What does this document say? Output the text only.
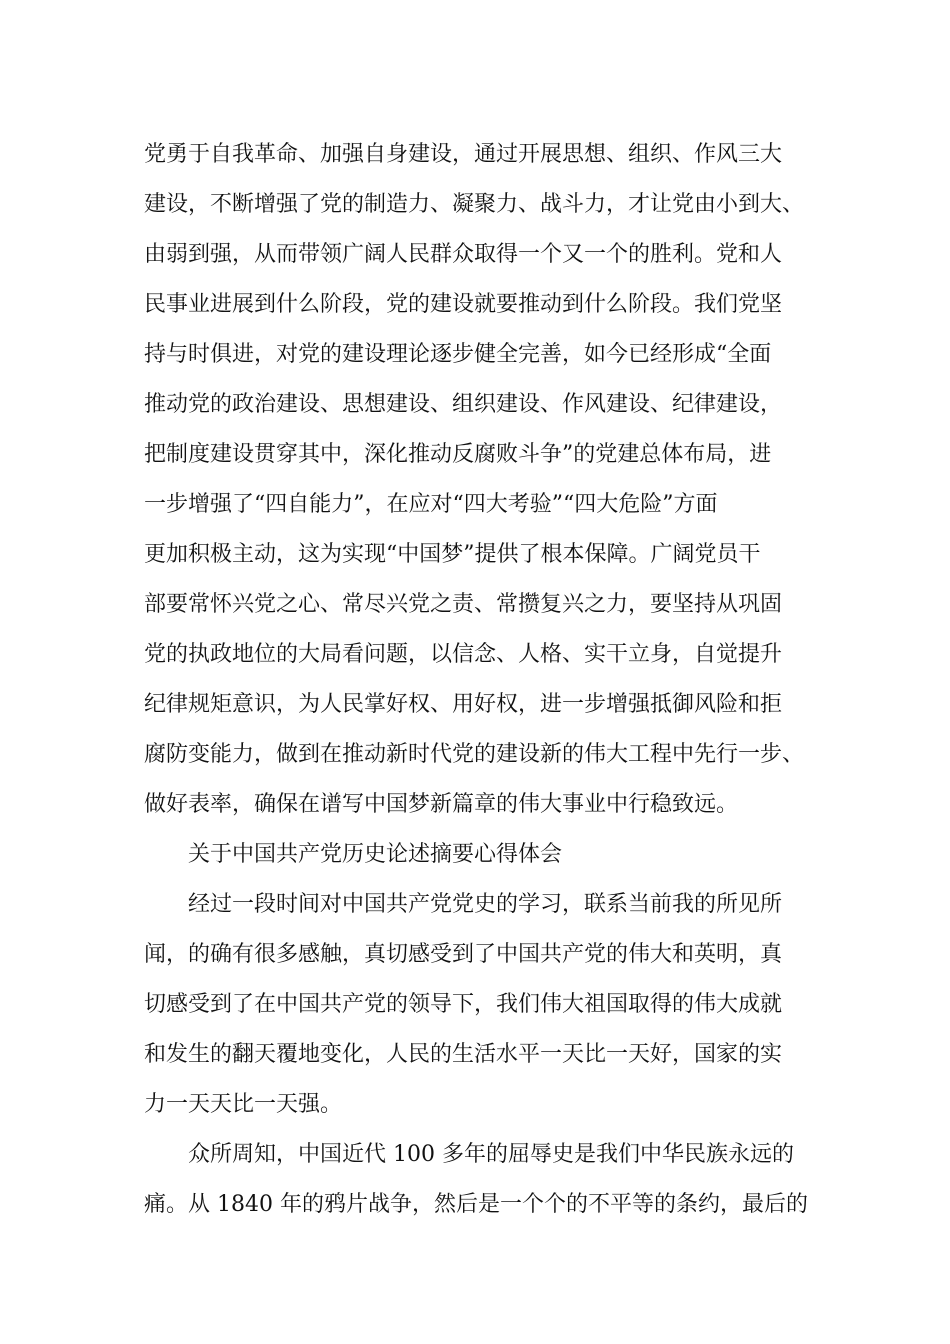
党勇于自我革命、加强自身建设，通过开展思想、组织、作风三大
建设，不断增强了党的制造力、凝聚力、战斗力，才让党由小到大、
由弱到强，从而带领广阔人民群众取得一个又一个的胜利。党和人
民事业进展到什么阶段，党的建设就要推动到什么阶段。我们党坚
持与时俱进，对党的建设理论逐步健全完善，如今已经形成“全面
推动党的政治建设、思想建设、组织建设、作风建设、纪律建设，
把制度建设贯穿其中，深化推动反腐败斗争”的党建总体布局，进
一步增强了“四自能力”，在应对“四大考验”“四大危险”方面
更加积极主动，这为实现“中国梦”提供了根本保障。广阔党员干
部要常怀兴党之心、常尽兴党之责、常攒复兴之力，要坚持从巩固
党的执政地位的大局看问题，以信念、人格、实干立身，自觉提升
纪律规矩意识，为人民掌好权、用好权，进一步增强抵御风险和拒
腐防变能力，做到在推动新时代党的建设新的伟大工程中先行一步、
做好表率，确保在谱写中国梦新篇章的伟大事业中行稳致远。
关于中国共产党历史论述摘要心得体会
经过一段时间对中国共产党党史的学习，联系当前我的所见所
闻，的确有很多感触，真切感受到了中国共产党的伟大和英明，真
切感受到了在中国共产党的领导下，我们伟大祖国取得的伟大成就
和发生的翻天覆地变化，人民的生活水平一天比一天好，国家的实
力一天天比一天强。
众所周知，中国近代 100 多年的屈辱史是我们中华民族永远的
痛。从 1840 年的鸦片战争，然后是一个个的不平等的条约，最后的
